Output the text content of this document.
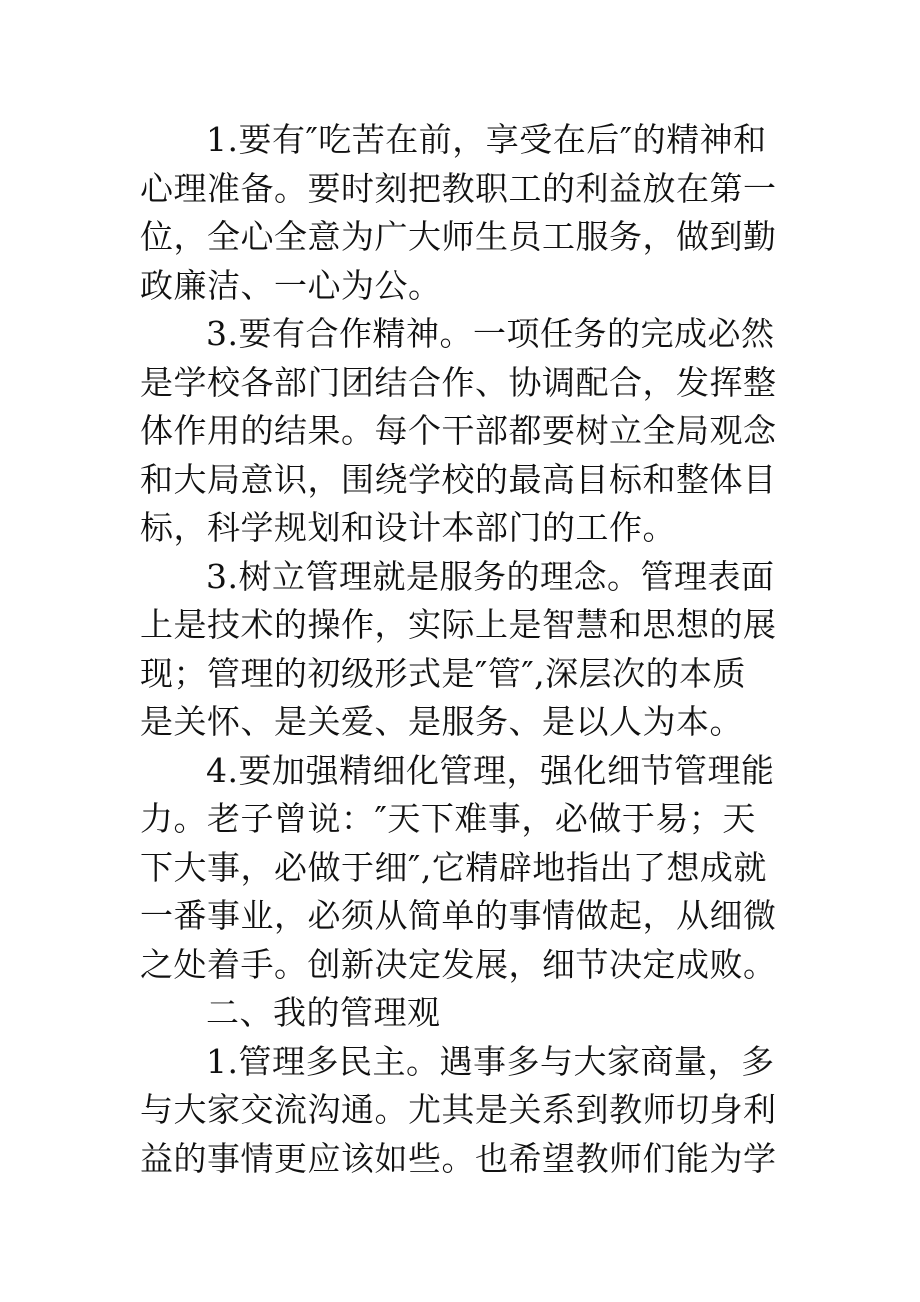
1.要有″吃苦在前，享受在后″的精神和
心理准备。要时刻把教职工的利益放在第一
位，全心全意为广大师生员工服务，做到勤
政廉洁、一心为公。
3.要有合作精神。一项任务的完成必然
是学校各部门团结合作、协调配合，发挥整
体作用的结果。每个干部都要树立全局观念
和大局意识，围绕学校的最高目标和整体目
标，科学规划和设计本部门的工作。
3.树立管理就是服务的理念。管理表面
上是技术的操作，实际上是智慧和思想的展
现；管理的初级形式是″管″,深层次的本质
是关怀、是关爱、是服务、是以人为本。
4.要加强精细化管理，强化细节管理能
力。老子曾说：″天下难事，必做于易；天
下大事，必做于细″,它精辟地指出了想成就
一番事业，必须从简单的事情做起，从细微
之处着手。创新决定发展，细节决定成败。
二、我的管理观
1.管理多民主。遇事多与大家商量，多
与大家交流沟通。尤其是关系到教师切身利
益的事情更应该如些。也希望教师们能为学
